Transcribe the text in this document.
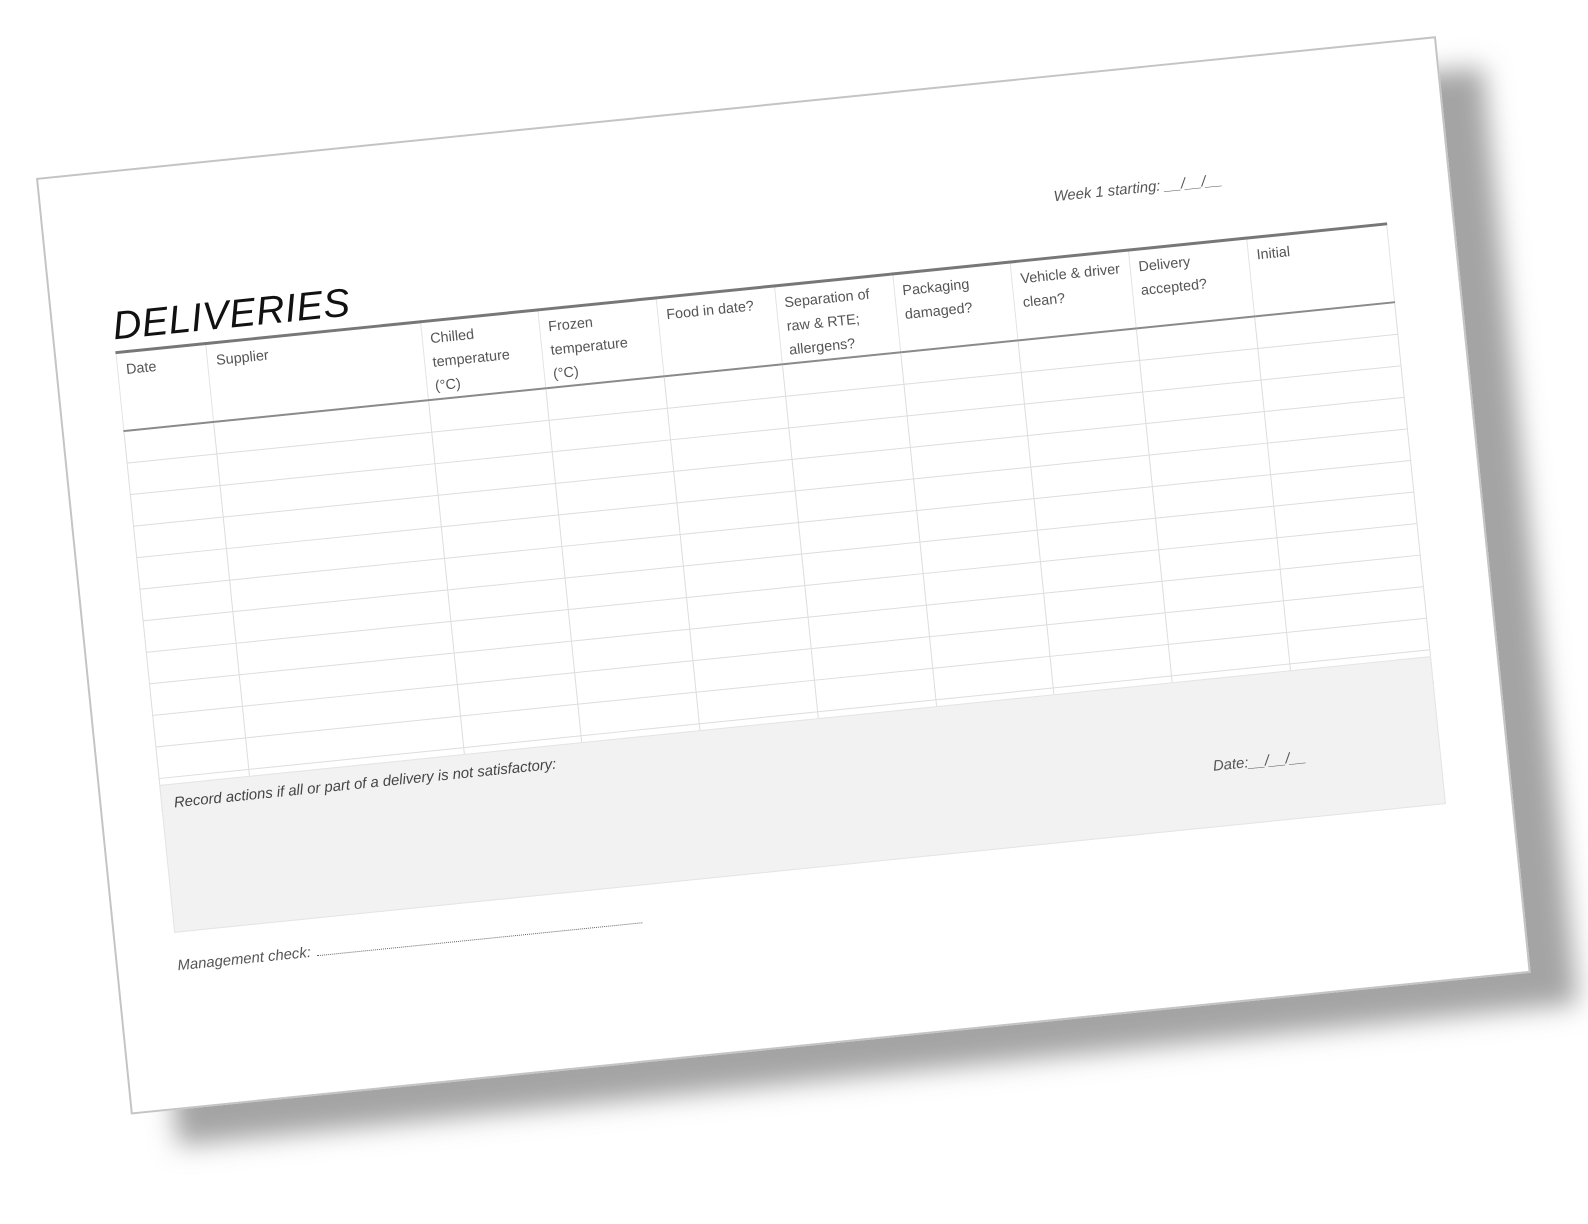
Week 1 starting: __/__/__
DELIVERIES
Date	Supplier	Chilled temperature (°C)	Frozen temperature (°C)	Food in date?	Separation of raw & RTE; allergens?	Packaging damaged?	Vehicle & driver clean?	Delivery accepted?	Initial

Record actions if all or part of a delivery is not satisfactory:	Date:__/__/__
Management check:
